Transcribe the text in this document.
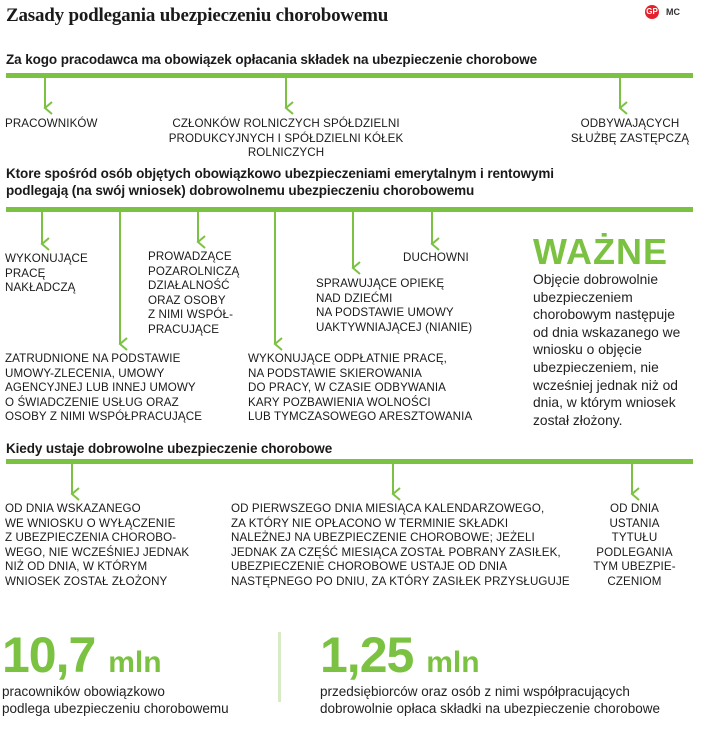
Zasady podlegania ubezpieczeniu chorobowemu	GP MC
Za kogo pracodawca ma obowiązek opłacania składek na ubezpieczenie chorobowe
PRACOWNIKÓW	CZŁONKÓW ROLNICZYCH SPÓŁDZIELNI
PRODUKCYJNYCH I SPÓŁDZIELNI KÓŁEK ROLNICZYCH
ODBYWAJĄCYCH
SŁUŻBĘ ZASTĘPCZĄ
Ktore spośród osób objętych obowiązkowo ubezpieczeniami emerytalnym i rentowymi
podlegają (na swój wniosek) dobrowolnemu ubezpieczeniu chorobowemu
WYKONUJĄCE
PRACĘ
NAKŁADCZĄ
ZATRUDNIONE NA PODSTAWIE
UMOWY-ZLECENIA, UMOWY
AGENCYJNEJ LUB INNEJ UMOWY
O ŚWIADCZENIE USŁUG ORAZ
OSOBY Z NIMI WSPÓŁPRACUJĄCE
PROWADZĄCE
POZAROLNICZĄ
DZIAŁALNOŚĆ
ORAZ OSOBY
Z NIMI WSPÓŁ-
PRACUJĄCE
WYKONUJĄCE ODPŁATNIE PRACĘ,
NA PODSTAWIE SKIEROWANIA
DO PRACY, W CZASIE ODBYWANIA
KARY POZBAWIENIA WOLNOŚCI
LUB TYMCZASOWEGO ARESZTOWANIA
SPRAWUJĄCE OPIEKĘ
NAD DZIEĆMI
NA PODSTAWIE UMOWY
UAKTYWNIAJĄCEJ (NIANIE)
DUCHOWNI WAŻNE
Objęcie dobrowolnie
ubezpieczeniem
chorobowym następuje
od dnia wskazanego we
wniosku o objęcie
ubezpieczeniem, nie
wcześniej jednak niż od
dnia, w którym wniosek
został złożony.
Kiedy ustaje dobrowolne ubezpieczenie chorobowe
OD DNIA WSKAZANEGO
WE WNIOSKU O WYŁĄCZENIE
Z UBEZPIECZENIA CHOROBO-
WEGO, NIE WCZEŚNIEJ JEDNAK
NIŻ OD DNIA, W KTÓRYM
WNIOSEK ZOSTAŁ ZŁOŻONY
OD PIERWSZEGO DNIA MIESIĄCA KALENDARZOWEGO,
ZA KTÓRY NIE OPŁACONO W TERMINIE SKŁADKI
NALEŻNEJ NA UBEZPIECZENIE CHOROBOWE; JEŻELI
JEDNAK ZA CZĘŚĆ MIESIĄCA ZOSTAŁ POBRANY ZASIŁEK,
UBEZPIECZENIE CHOROBOWE USTAJE OD DNIA
NASTĘPNEGO PO DNIU, ZA KTÓRY ZASIŁEK PRZYSŁUGUJE
OD DNIA
USTANIA
TYTUŁU
PODLEGANIA
TYM UBEZPIE-
CZENIOM
10,7 mln
pracowników obowiązkowo
podlega ubezpieczeniu chorobowemu
1,25 mln
przedsiębiorców oraz osób z nimi współpracujących
dobrowolnie opłaca składki na ubezpieczenie chorobowe
